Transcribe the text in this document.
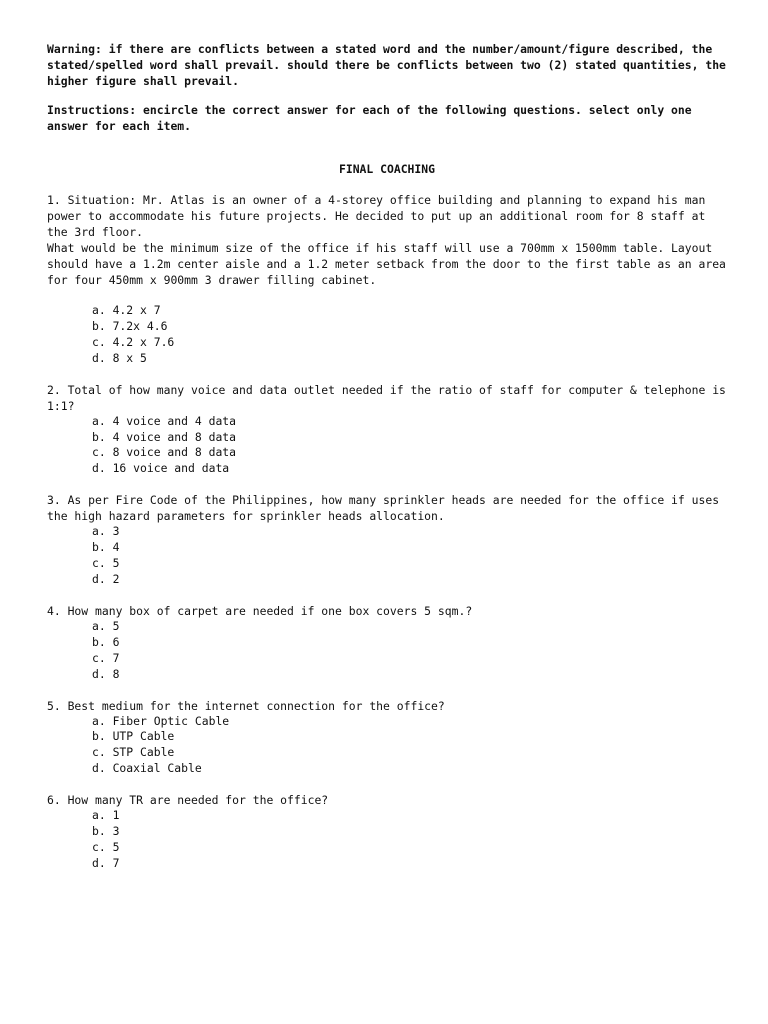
Warning: if there are conflicts between a stated word and the number/amount/figure described, the stated/spelled word shall prevail. should there be conflicts between two (2) stated quantities, the higher figure shall prevail.

Instructions: encircle the correct answer for each of the following questions. select only one answer for each item.

FINAL COACHING

1. Situation: Mr. Atlas is an owner of a 4-storey office building and planning to expand his man power to accommodate his future projects. He decided to put up an additional room for 8 staff at the 3rd floor.

What would be the minimum size of the office if his staff will use a 700mm x 1500mm table. Layout should have a 1.2m center aisle and a 1.2 meter setback from the door to the first table as an area for four 450mm x 900mm 3 drawer filling cabinet.

a. 4.2 x 7
b. 7.2x 4.6
c. 4.2 x 7.6
d. 8 x 5

2. Total of how many voice and data outlet needed if the ratio of staff for computer & telephone is 1:1?

a. 4 voice and 4 data
b. 4 voice and 8 data
c. 8 voice and 8 data
d. 16 voice and data

3. As per Fire Code of the Philippines, how many sprinkler heads are needed for the office if uses the high hazard parameters for sprinkler heads allocation.

a. 3
b. 4
c. 5
d. 2

4. How many box of carpet are needed if one box covers 5 sqm.?

a. 5
b. 6
c. 7
d. 8

5. Best medium for the internet connection for the office?

a. Fiber Optic Cable
b. UTP Cable
c. STP Cable
d. Coaxial Cable

6. How many TR are needed for the office?

a. 1
b. 3
c. 5
d. 7
